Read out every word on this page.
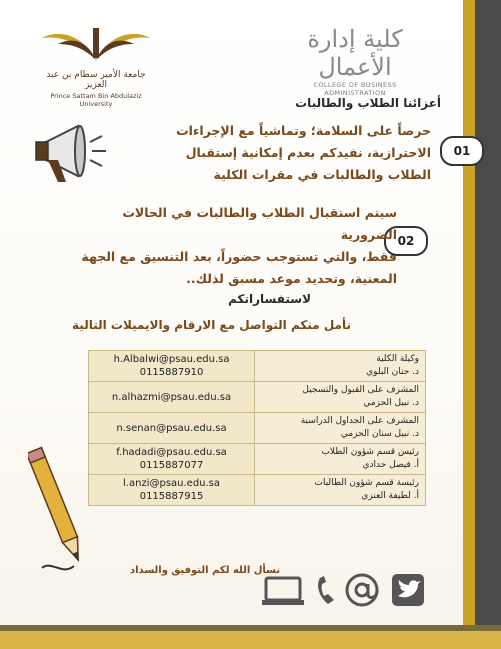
جامعة الأمير سطام بن عبد العزيز
Prince Sattam Bin Abdulaziz University
كلية إدارة الأعمال
COLLEGE OF BUSINESS
ADMINISTRATION
أعزائنا الطلاب والطالبات
01
حرصاً على السلامة؛ وتماشياً مع الإجراءات
الاحترازية، نفيدكم بعدم إمكانية إستقبال
الطلاب والطالبات في مقرات الكلية
02
سيتم استقبال الطلاب والطالبات في الحالات الضرورية
فقط، والتي تستوجب حضوراً، بعد التنسيق مع الجهة
المعنية، وتحديد موعد مسبق لذلك..
لاستفساراتكم
نأمل منكم التواصل مع الارقام والايميلات التالية
h.Albalwi@psau.edu.sa
0115887910	وكيلة الكلية
د. حنان البلوي

n.alhazmi@psau.edu.sa	المشرف على القبول والتسجيل
د. نبيل الحزمي

n.senan@psau.edu.sa	المشرف على الجداول الدراسية
د. نبيل سنان الحزمي

f.hadadi@psau.edu.sa
0115887077	رئيس قسم شؤون الطلاب
أ. فيصل حدادي

l.anzi@psau.edu.sa
0115887915	رئيسة قسم شؤون الطالبات
أ. لطيفة العنزي
نسأل الله لكم التوفيق والسداد
